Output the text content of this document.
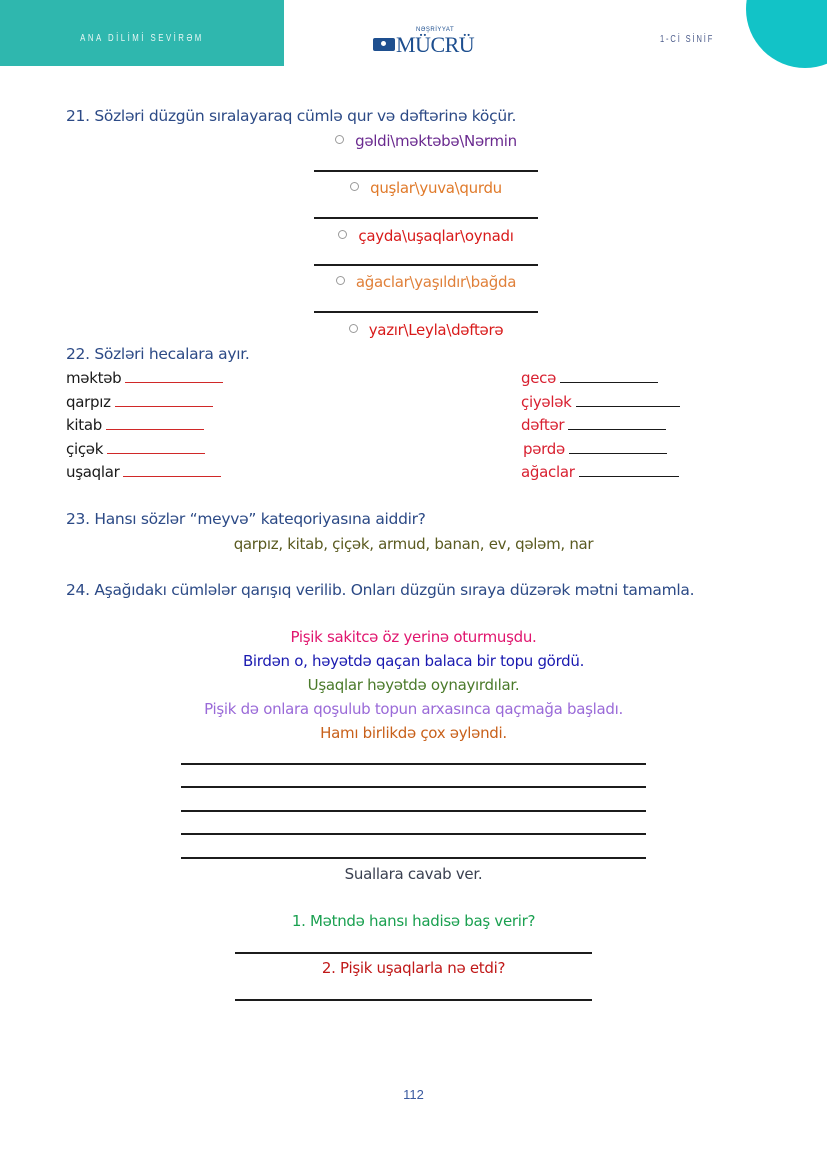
ANA DİLİMİ SEVİRƏM
NƏŞRİYYAT
MÜCRÜ	1-Cİ SİNİF
21. Sözləri düzgün sıralayaraq cümlə qur və dəftərinə köçür.
gəldi\məktəbə\Nərmin
quşlar\yuva\qurdu
çayda\uşaqlar\oynadı
ağaclar\yaşıldır\bağda
yazır\Leyla\dəftərə
22. Sözləri hecalara ayır.
məktəb
qarpız
kitab
çiçək
uşaqlar
gecə
çiyələk
dəftər
pərdə
ağaclar
23. Hansı sözlər “meyvə” kateqoriyasına aiddir?
qarpız, kitab, çiçək, armud, banan, ev, qələm, nar
24. Aşağıdakı cümlələr qarışıq verilib. Onları düzgün sıraya düzərək mətni tamamla.
Pişik sakitcə öz yerinə oturmuşdu.
Birdən o, həyətdə qaçan balaca bir topu gördü.
Uşaqlar həyətdə oynayırdılar.
Pişik də onlara qoşulub topun arxasınca qaçmağa başladı.
Hamı birlikdə çox əyləndi.
Suallara cavab ver.
1. Mətndə hansı hadisə baş verir?
2. Pişik uşaqlarla nə etdi?
112
